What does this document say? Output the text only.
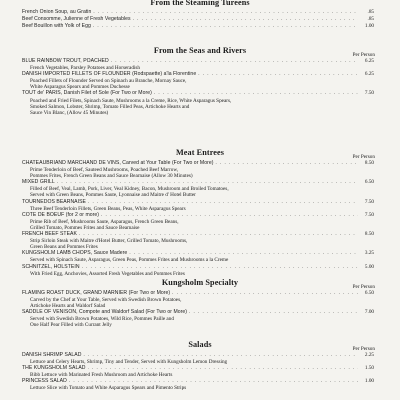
From the Steaming Tureens
French Onion Soup, au Gratin . . .	.85
Beef Consomme, Julienne of Fresh Vegetables . . .	.85
Beef Bouillon with Yolk of Egg . . .	1.00
From the Seas and Rivers	Per Person
BLUE RAINBOW TROUT, POACHED . . .	6.25
French Vegetables, Parsley Potatoes and Horseradish
DANISH IMPORTED FILLETS OF FLOUNDER (Rodspaette) a'la Florentine . . .	6.25
Poached Fillets of Flounder Served on Spinach au Branche, Mornay Sauce,
White Asparagus Spears and Pommes Duchesse
TOUT de' PARIS, Danish Filet of Sole (For Two or More) . . .	7.50
Poached and Fried Filets, Spinach Saute, Mushrooms a la Creme, Rice, White Asparagus Spears,
Smoked Salmon, Lobster, Shrimp, Tomato Filled Peas, Artichoke Hearts and
Sauce Vin Blanc, (Allow 45 Minutes)
Meat Entrees	Per Person
CHATEAUBRIAND MARCHAND DE VINS, Carved at Your Table (For Two or More) . . .	8.50
Prime Tenderloin of Beef, Sauteed Mushrooms, Poached Beef Marrow,
Pommes Frites, French Green Beans and Sauce Bearnaise (Allow 30 Minutes)
MIXED GRILL . . .	6.50
Filled of Beef, Veal, Lamb, Pork, Liver, Veal Kidney, Bacon, Mushroom and Broiled Tomatoes,
Served with Green Beans, Pommes Saute, Lyonnaise and Maitre d' Hotel Butter
TOURNEDOS BEARNAISE . . .	7.50
Three Beef Tenderloin Fillets, Green Beans, Peas, White Asparagus Spears
COTE DE BOEUF (for 2 or more) . . .	7.50
Prime Rib of Beef, Mushrooms Saute, Asparagus, French Green Beans,
Grilled Tomato, Pommes Frites and Sauce Bearnaise
FRENCH BEEF STEAK . . .	8.50
Strip Sirloin Steak with Maitre d'Hotel Butter, Grilled Tomato, Mushrooms,
Green Beans and Pommes Frites
KUNGSHOLM LAMB CHOPS, Sauce Madere . . .	3.25
Served with Spinach Saute, Asparagus, Green Peas, Pommes Frites and Mushrooms a la Creme
SCHNITZEL, HOLSTEIN . . .	5.00
With Fried Egg, Anchovies, Assorted Fresh Vegetables and Pommes Frites
Kungsholm Specialty	Per Person
FLAMING ROAST DUCK, GRAND MARNIER (For Two or More) . . .	6.50
Carved by the Chef at Your Table, Served with Swedish Brown Potatoes,
Artichoke Hearts and Waldorf Salad
SADDLE OF VENISON, Compote and Waldorf Salad (For Two or More) . . .	7.00
Served with Swedish Brown Potatoes, Wild Rice, Pommes Paille and
One Half Pear Filled with Currant Jelly
Salads	Per Person
DANISH SHRIMP SALAD . . .	2.25
Lettuce and Celery Hearts, Shrimp, Tiny and Tender, Served with Kungsholm Lemon Dressing
THE KUNGSHOLM SALAD . . .	1.50
Bibb Lettuce with Marinated Fresh Mushroom and Artichoke Hearts
PRINCESS SALAD . . .	1.00
Lettuce Slice with Tomato and White Asparagus Spears and Pimento Strips
